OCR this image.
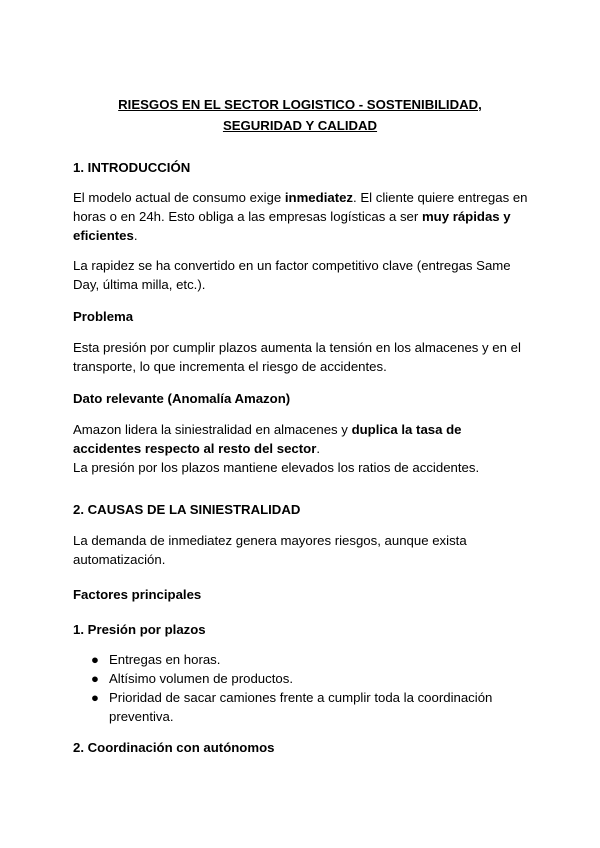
RIESGOS EN EL SECTOR LOGISTICO - SOSTENIBILIDAD,
SEGURIDAD Y CALIDAD
1. INTRODUCCIÓN

El modelo actual de consumo exige inmediatez. El cliente quiere entregas en horas o en 24h. Esto obliga a las empresas logísticas a ser muy rápidas y eficientes.

La rapidez se ha convertido en un factor competitivo clave (entregas Same Day, última milla, etc.).

Problema

Esta presión por cumplir plazos aumenta la tensión en los almacenes y en el transporte, lo que incrementa el riesgo de accidentes.

Dato relevante (Anomalía Amazon)

Amazon lidera la siniestralidad en almacenes y duplica la tasa de accidentes respecto al resto del sector.
La presión por los plazos mantiene elevados los ratios de accidentes.

2. CAUSAS DE LA SINIESTRALIDAD

La demanda de inmediatez genera mayores riesgos, aunque exista automatización.

Factores principales
1. Presión por plazos
● Entregas en horas.
● Altísimo volumen de productos.
● Prioridad de sacar camiones frente a cumplir toda la coordinación preventiva.
2. Coordinación con autónomos
